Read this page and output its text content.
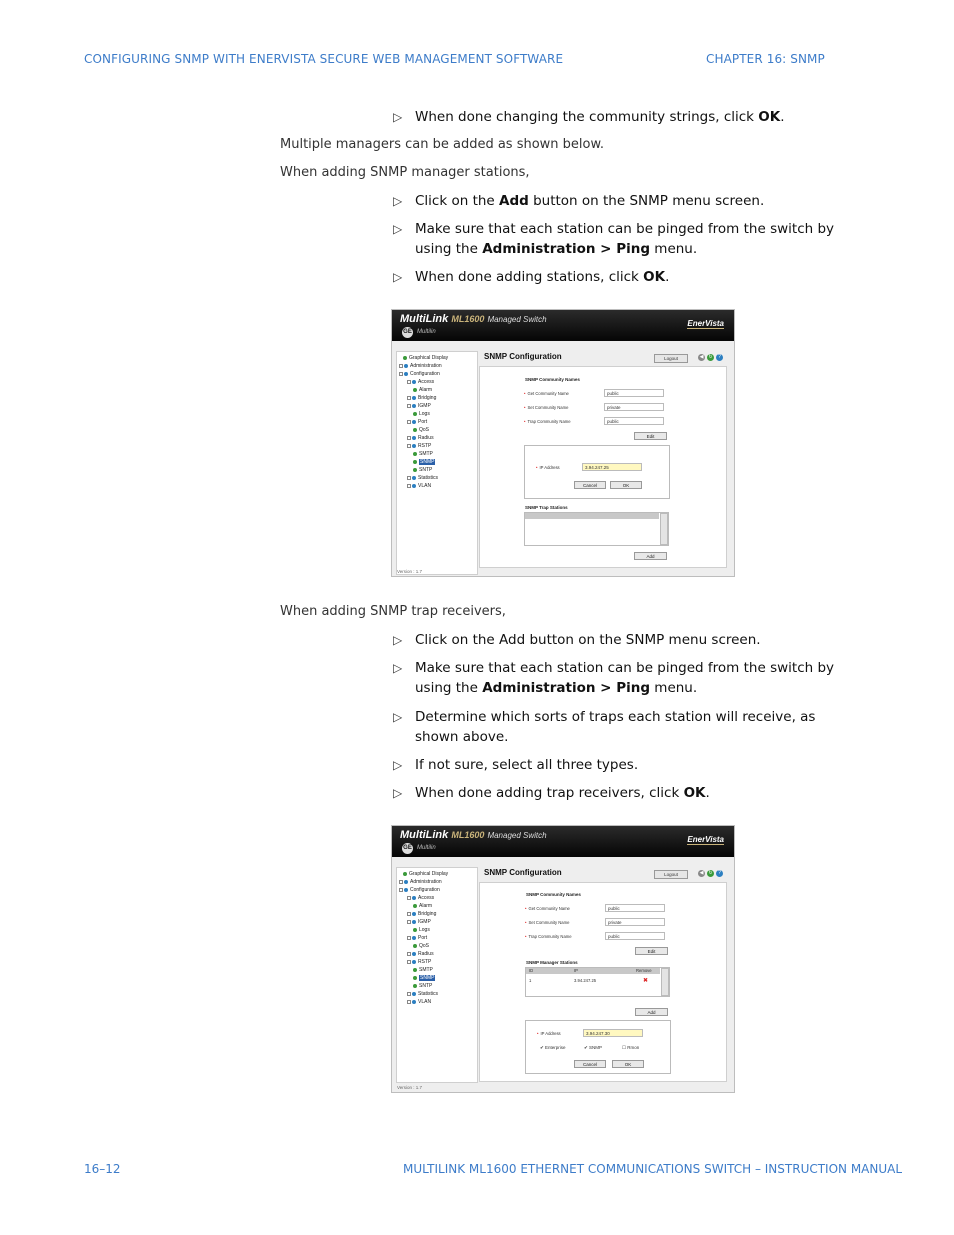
CONFIGURING SNMP WITH ENERVISTA SECURE WEB MANAGEMENT SOFTWARE	CHAPTER 16: SNMP
▷ When done changing the community strings, click OK.
Multiple managers can be added as shown below.
When adding SNMP manager stations,
▷ Click on the Add button on the SNMP menu screen.
▷ Make sure that each station can be pinged from the switch by using the Administration > Ping menu.
▷ When done adding stations, click OK.
MultiLink ML1600 Managed Switch
GE Multilin
EnerVista
Graphical Display
Administration
Configuration
Access
Alarm
Bridging
IGMP
Logs
Port
QoS
Radius
RSTP
SMTP
SNMP
SNTP
Statistics
VLAN
SNMP Configuration	Logout	◀ ↻	?
SNMP Community Names
• Get Community Name	public
• Set Community Name	private
• Trap Community Name	public
Edit
• IP Address	3.94.247.25
Cancel	OK
SNMP Trap Stations
Add
Version : 1.7
When adding SNMP trap receivers,
▷ Click on the Add button on the SNMP menu screen.
▷ Make sure that each station can be pinged from the switch by using the Administration > Ping menu.
▷ Determine which sorts of traps each station will receive, as shown above.
▷ If not sure, select all three types.
▷ When done adding trap receivers, click OK.
MultiLink ML1600 Managed Switch
GE Multilin
EnerVista
Graphical Display
Administration
Configuration
Access
Alarm
Bridging
IGMP
Logs
Port
QoS
Radius
RSTP
SMTP
SNMP
SNTP
Statistics
VLAN
SNMP Configuration	Logout	◀ ↻	?
SNMP Community Names
• Get Community Name	public
• Set Community Name	private
• Trap Community Name	public
Edit
SNMP Manager Stations
ID	IP	Remove
1	3.94.247.25	✖
Add
• IP Address	3.94.247.30
✔ Enterprise	✔ SNMP	☐ Rmon
Cancel	OK
Version : 1.7
16–12	MULTILINK ML1600 ETHERNET COMMUNICATIONS SWITCH – INSTRUCTION MANUAL
